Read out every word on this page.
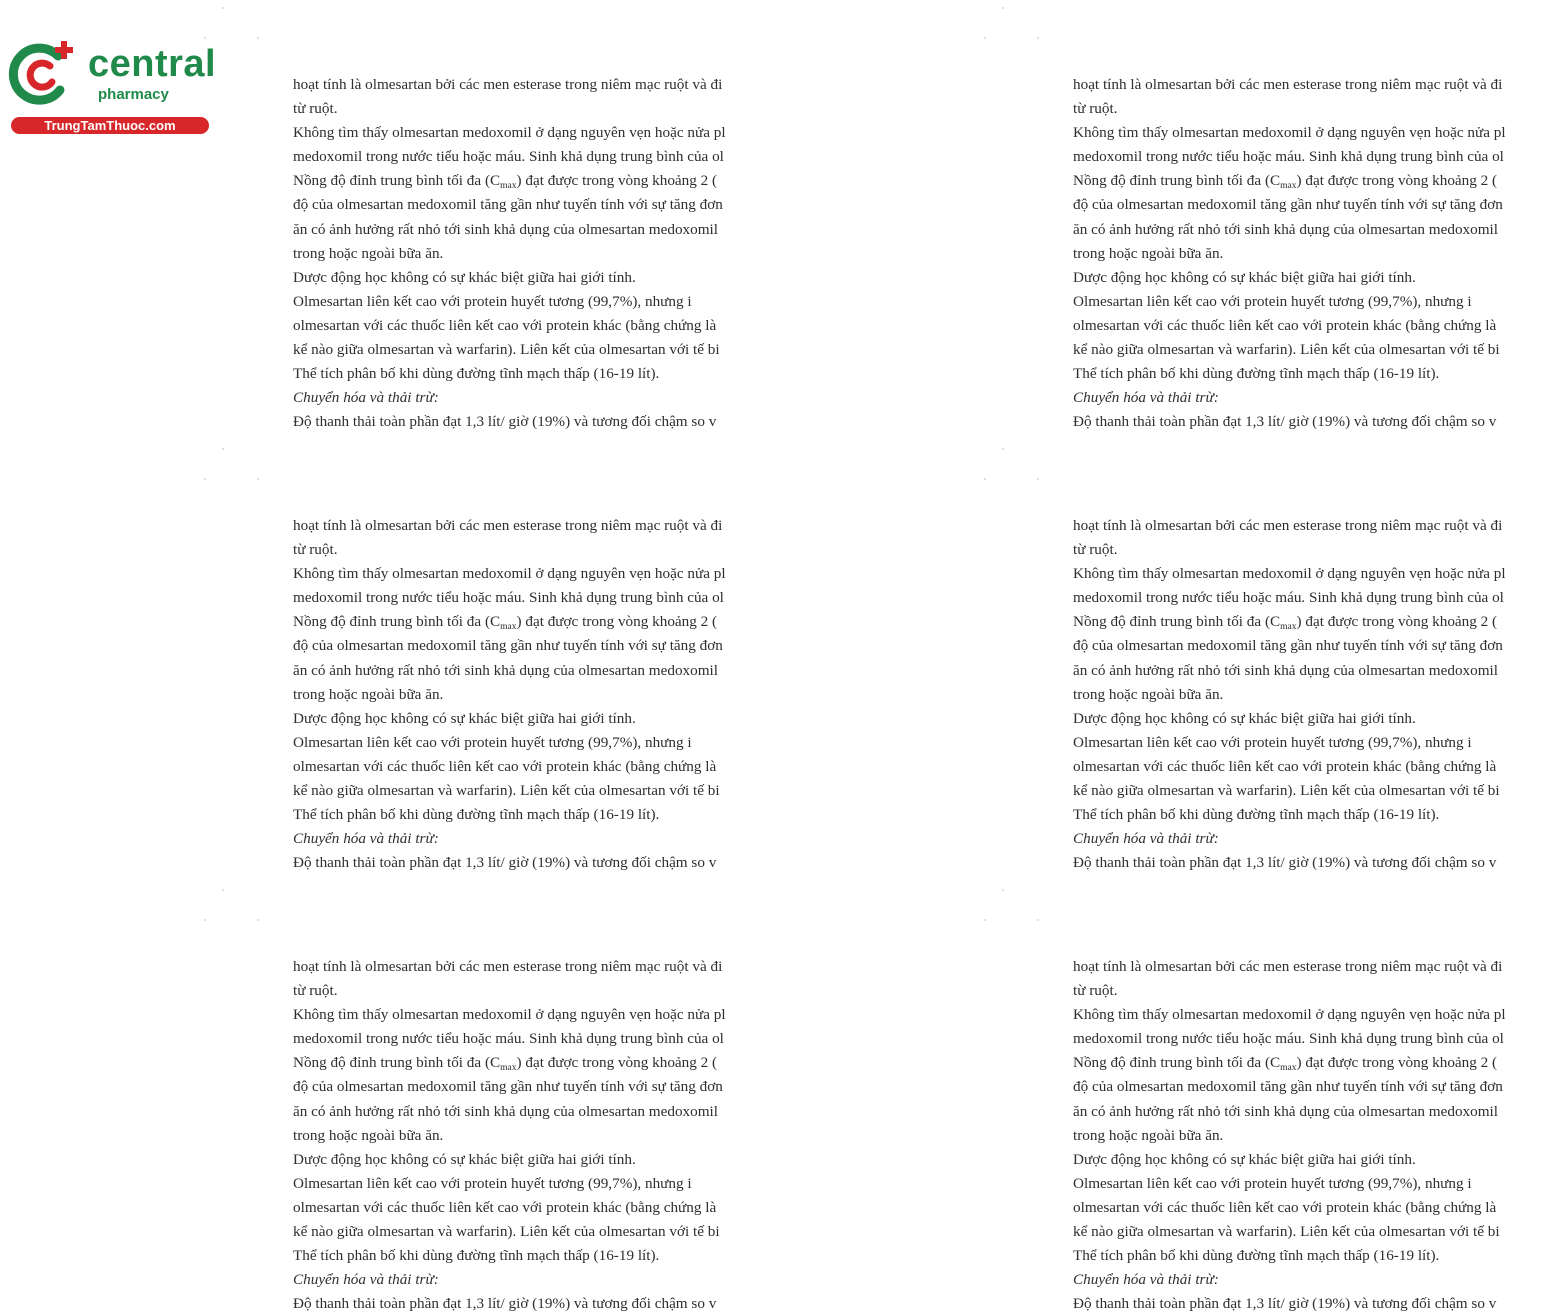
hoạt tính là olmesartan bởi các men esterase trong niêm mạc ruột và đi
từ ruột.
Không tìm thấy olmesartan medoxomil ở dạng nguyên vẹn hoặc nửa pl
medoxomil trong nước tiểu hoặc máu. Sinh khả dụng trung bình của ol
Nồng độ đỉnh trung bình tối đa $(C_{max})$ đạt được trong vòng khoảng 2 (
độ của olmesartan medoxomil tăng gần như tuyến tính với sự tăng đơn
ăn có ảnh hưởng rất nhỏ tới sinh khả dụng của olmesartan medoxomil
trong hoặc ngoài bữa ăn.
Dược động học không có sự khác biệt giữa hai giới tính.
Olmesartan liên kết cao với protein huyết tương (99,7%), nhưng i
olmesartan với các thuốc liên kết cao với protein khác (bằng chứng là
kể nào giữa olmesartan và warfarin). Liên kết của olmesartan với tế bi
Thể tích phân bố khi dùng đường tĩnh mạch thấp (16-19 lít).
Chuyển hóa và thải trừ:
Độ thanh thải toàn phần đạt 1,3 lít/ giờ (19%) và tương đối chậm so v
hoạt tính là olmesartan bởi các men esterase trong niêm mạc ruột và đi
từ ruột.
Không tìm thấy olmesartan medoxomil ở dạng nguyên vẹn hoặc nửa pl
medoxomil trong nước tiểu hoặc máu. Sinh khả dụng trung bình của ol
Nồng độ đỉnh trung bình tối đa $(C_{max})$ đạt được trong vòng khoảng 2 (
độ của olmesartan medoxomil tăng gần như tuyến tính với sự tăng đơn
ăn có ảnh hưởng rất nhỏ tới sinh khả dụng của olmesartan medoxomil
trong hoặc ngoài bữa ăn.
Dược động học không có sự khác biệt giữa hai giới tính.
Olmesartan liên kết cao với protein huyết tương (99,7%), nhưng i
olmesartan với các thuốc liên kết cao với protein khác (bằng chứng là
kể nào giữa olmesartan và warfarin). Liên kết của olmesartan với tế bi
Thể tích phân bố khi dùng đường tĩnh mạch thấp (16-19 lít).
Chuyển hóa và thải trừ:
Độ thanh thải toàn phần đạt 1,3 lít/ giờ (19%) và tương đối chậm so v
hoạt tính là olmesartan bởi các men esterase trong niêm mạc ruột và đi
từ ruột.
Không tìm thấy olmesartan medoxomil ở dạng nguyên vẹn hoặc nửa pl
medoxomil trong nước tiểu hoặc máu. Sinh khả dụng trung bình của ol
Nồng độ đỉnh trung bình tối đa $(C_{max})$ đạt được trong vòng khoảng 2 (
độ của olmesartan medoxomil tăng gần như tuyến tính với sự tăng đơn
ăn có ảnh hưởng rất nhỏ tới sinh khả dụng của olmesartan medoxomil
trong hoặc ngoài bữa ăn.
Dược động học không có sự khác biệt giữa hai giới tính.
Olmesartan liên kết cao với protein huyết tương (99,7%), nhưng i
olmesartan với các thuốc liên kết cao với protein khác (bằng chứng là
kể nào giữa olmesartan và warfarin). Liên kết của olmesartan với tế bi
Thể tích phân bố khi dùng đường tĩnh mạch thấp (16-19 lít).
Chuyển hóa và thải trừ:
Độ thanh thải toàn phần đạt 1,3 lít/ giờ (19%) và tương đối chậm so v
hoạt tính là olmesartan bởi các men esterase trong niêm mạc ruột và đi
từ ruột.
Không tìm thấy olmesartan medoxomil ở dạng nguyên vẹn hoặc nửa pl
medoxomil trong nước tiểu hoặc máu. Sinh khả dụng trung bình của ol
Nồng độ đỉnh trung bình tối đa $(C_{max})$ đạt được trong vòng khoảng 2 (
độ của olmesartan medoxomil tăng gần như tuyến tính với sự tăng đơn
ăn có ảnh hưởng rất nhỏ tới sinh khả dụng của olmesartan medoxomil
trong hoặc ngoài bữa ăn.
Dược động học không có sự khác biệt giữa hai giới tính.
Olmesartan liên kết cao với protein huyết tương (99,7%), nhưng i
olmesartan với các thuốc liên kết cao với protein khác (bằng chứng là
kể nào giữa olmesartan và warfarin). Liên kết của olmesartan với tế bi
Thể tích phân bố khi dùng đường tĩnh mạch thấp (16-19 lít).
Chuyển hóa và thải trừ:
Độ thanh thải toàn phần đạt 1,3 lít/ giờ (19%) và tương đối chậm so v
hoạt tính là olmesartan bởi các men esterase trong niêm mạc ruột và đi
từ ruột.
Không tìm thấy olmesartan medoxomil ở dạng nguyên vẹn hoặc nửa pl
medoxomil trong nước tiểu hoặc máu. Sinh khả dụng trung bình của ol
Nồng độ đỉnh trung bình tối đa $(C_{max})$ đạt được trong vòng khoảng 2 (
độ của olmesartan medoxomil tăng gần như tuyến tính với sự tăng đơn
ăn có ảnh hưởng rất nhỏ tới sinh khả dụng của olmesartan medoxomil
trong hoặc ngoài bữa ăn.
Dược động học không có sự khác biệt giữa hai giới tính.
Olmesartan liên kết cao với protein huyết tương (99,7%), nhưng i
olmesartan với các thuốc liên kết cao với protein khác (bằng chứng là
kể nào giữa olmesartan và warfarin). Liên kết của olmesartan với tế bi
Thể tích phân bố khi dùng đường tĩnh mạch thấp (16-19 lít).
Chuyển hóa và thải trừ:
Độ thanh thải toàn phần đạt 1,3 lít/ giờ (19%) và tương đối chậm so v
hoạt tính là olmesartan bởi các men esterase trong niêm mạc ruột và đi
từ ruột.
Không tìm thấy olmesartan medoxomil ở dạng nguyên vẹn hoặc nửa pl
medoxomil trong nước tiểu hoặc máu. Sinh khả dụng trung bình của ol
Nồng độ đỉnh trung bình tối đa $(C_{max})$ đạt được trong vòng khoảng 2 (
độ của olmesartan medoxomil tăng gần như tuyến tính với sự tăng đơn
ăn có ảnh hưởng rất nhỏ tới sinh khả dụng của olmesartan medoxomil
trong hoặc ngoài bữa ăn.
Dược động học không có sự khác biệt giữa hai giới tính.
Olmesartan liên kết cao với protein huyết tương (99,7%), nhưng i
olmesartan với các thuốc liên kết cao với protein khác (bằng chứng là
kể nào giữa olmesartan và warfarin). Liên kết của olmesartan với tế bi
Thể tích phân bố khi dùng đường tĩnh mạch thấp (16-19 lít).
Chuyển hóa và thải trừ:
Độ thanh thải toàn phần đạt 1,3 lít/ giờ (19%) và tương đối chậm so v
central
pharmacy
TrungTamThuoc.com
